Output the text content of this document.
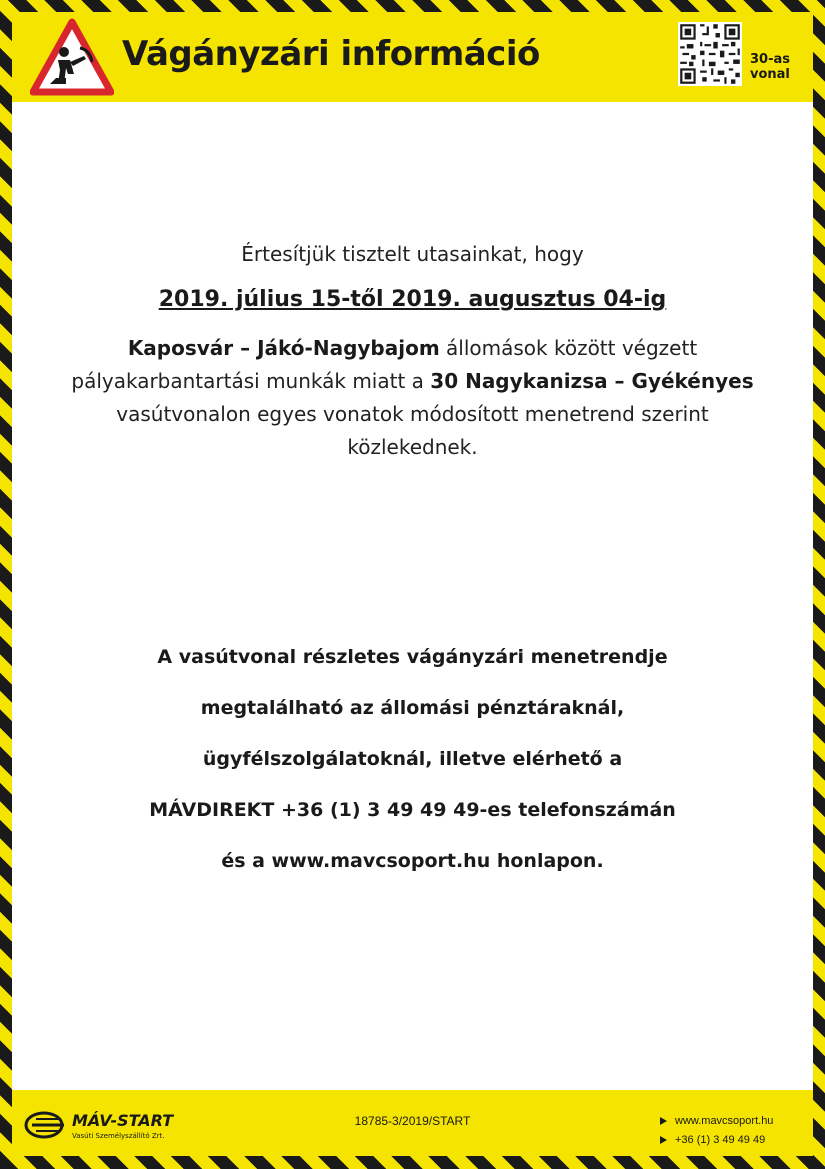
Vágányzári információ	30-as
vonal
Értesítjük tisztelt utasainkat, hogy
2019. július 15-től 2019. augusztus 04-ig
Kaposvár – Jákó-Nagybajom állomások között végzett pályakarbantartási munkák miatt a 30 Nagykanizsa – Gyékényes vasútvonalon egyes vonatok módosított menetrend szerint közlekednek.
A vasútvonal részletes vágányzári menetrendje
megtalálható az állomási pénztáraknál,
ügyfélszolgálatoknál, illetve elérhető a
MÁVDIREKT +36 (1) 3 49 49 49-es telefonszámán
és a www.mavcsoport.hu honlapon.
MÁV-START
Vasúti Személyszállító Zrt.
18785-3/2019/START	www.mavcsoport.hu
+36 (1) 3 49 49 49
